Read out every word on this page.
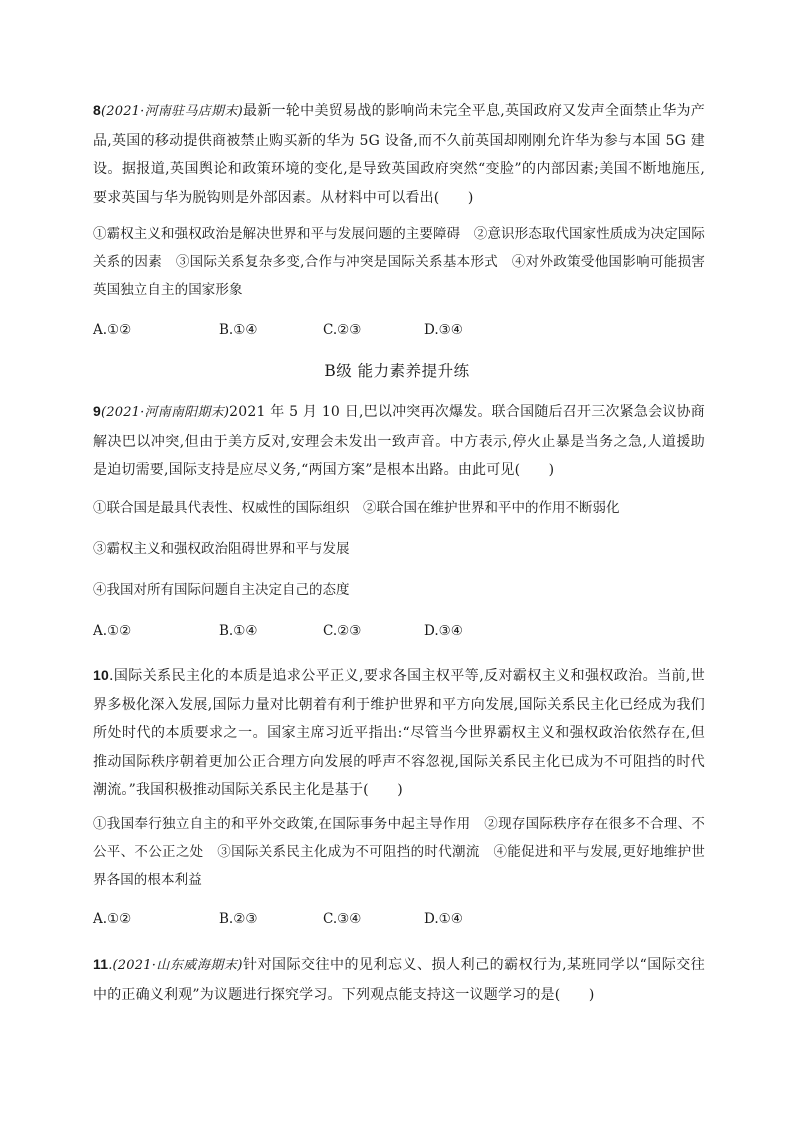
8(2021·河南驻马店期末)最新一轮中美贸易战的影响尚未完全平息,英国政府又发声全面禁止华为产品,英国的移动提供商被禁止购买新的华为 5G 设备,而不久前英国却刚刚允许华为参与本国 5G 建设。据报道,英国舆论和政策环境的变化,是导致英国政府突然“变脸”的内部因素;美国不断地施压,要求英国与华为脱钩则是外部因素。从材料中可以看出(　　)
①霸权主义和强权政治是解决世界和平与发展问题的主要障碍　②意识形态取代国家性质成为决定国际关系的因素　③国际关系复杂多变,合作与冲突是国际关系基本形式　④对外政策受他国影响可能损害英国独立自主的国家形象
A.①②	B.①④	C.②③	D.③④
B级 能力素养提升练
9(2021·河南南阳期末)2021 年 5 月 10 日,巴以冲突再次爆发。联合国随后召开三次紧急会议协商解决巴以冲突,但由于美方反对,安理会未发出一致声音。中方表示,停火止暴是当务之急,人道援助是迫切需要,国际支持是应尽义务,“两国方案”是根本出路。由此可见(　　)
①联合国是最具代表性、权威性的国际组织　②联合国在维护世界和平中的作用不断弱化
③霸权主义和强权政治阻碍世界和平与发展
④我国对所有国际问题自主决定自己的态度
A.①②	B.①④	C.②③	D.③④
10.国际关系民主化的本质是追求公平正义,要求各国主权平等,反对霸权主义和强权政治。当前,世界多极化深入发展,国际力量对比朝着有利于维护世界和平方向发展,国际关系民主化已经成为我们所处时代的本质要求之一。国家主席习近平指出:“尽管当今世界霸权主义和强权政治依然存在,但推动国际秩序朝着更加公正合理方向发展的呼声不容忽视,国际关系民主化已成为不可阻挡的时代潮流。”我国积极推动国际关系民主化是基于(　　)
①我国奉行独立自主的和平外交政策,在国际事务中起主导作用　②现存国际秩序存在很多不合理、不公平、不公正之处　③国际关系民主化成为不可阻挡的时代潮流　④能促进和平与发展,更好地维护世界各国的根本利益
A.①②	B.②③	C.③④	D.①④
11.(2021·山东威海期末)针对国际交往中的见利忘义、损人利己的霸权行为,某班同学以“国际交往中的正确义利观”为议题进行探究学习。下列观点能支持这一议题学习的是(　　)
